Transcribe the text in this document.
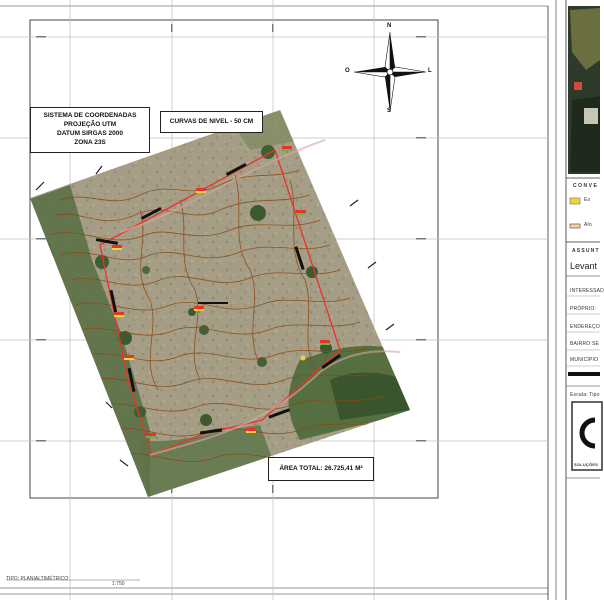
N
S
L
O
SISTEMA DE COORDENADAS
PROJEÇÃO UTM
DATUM SIRGAS 2000
ZONA 23S
CURVAS DE NIVEL - 50 CM
ÁREA TOTAL: 26.725,41 M²
TIPO: PLANIALTIMÉTRICO
1:750
CONVE
Es
Alo
ASSUNT
Levant
INTERESSAD
PRÓPRIO:
ENDEREÇO
BAIRRO SE
MUNICÍPIO
Escala: Tipo
SOLUÇÕES
